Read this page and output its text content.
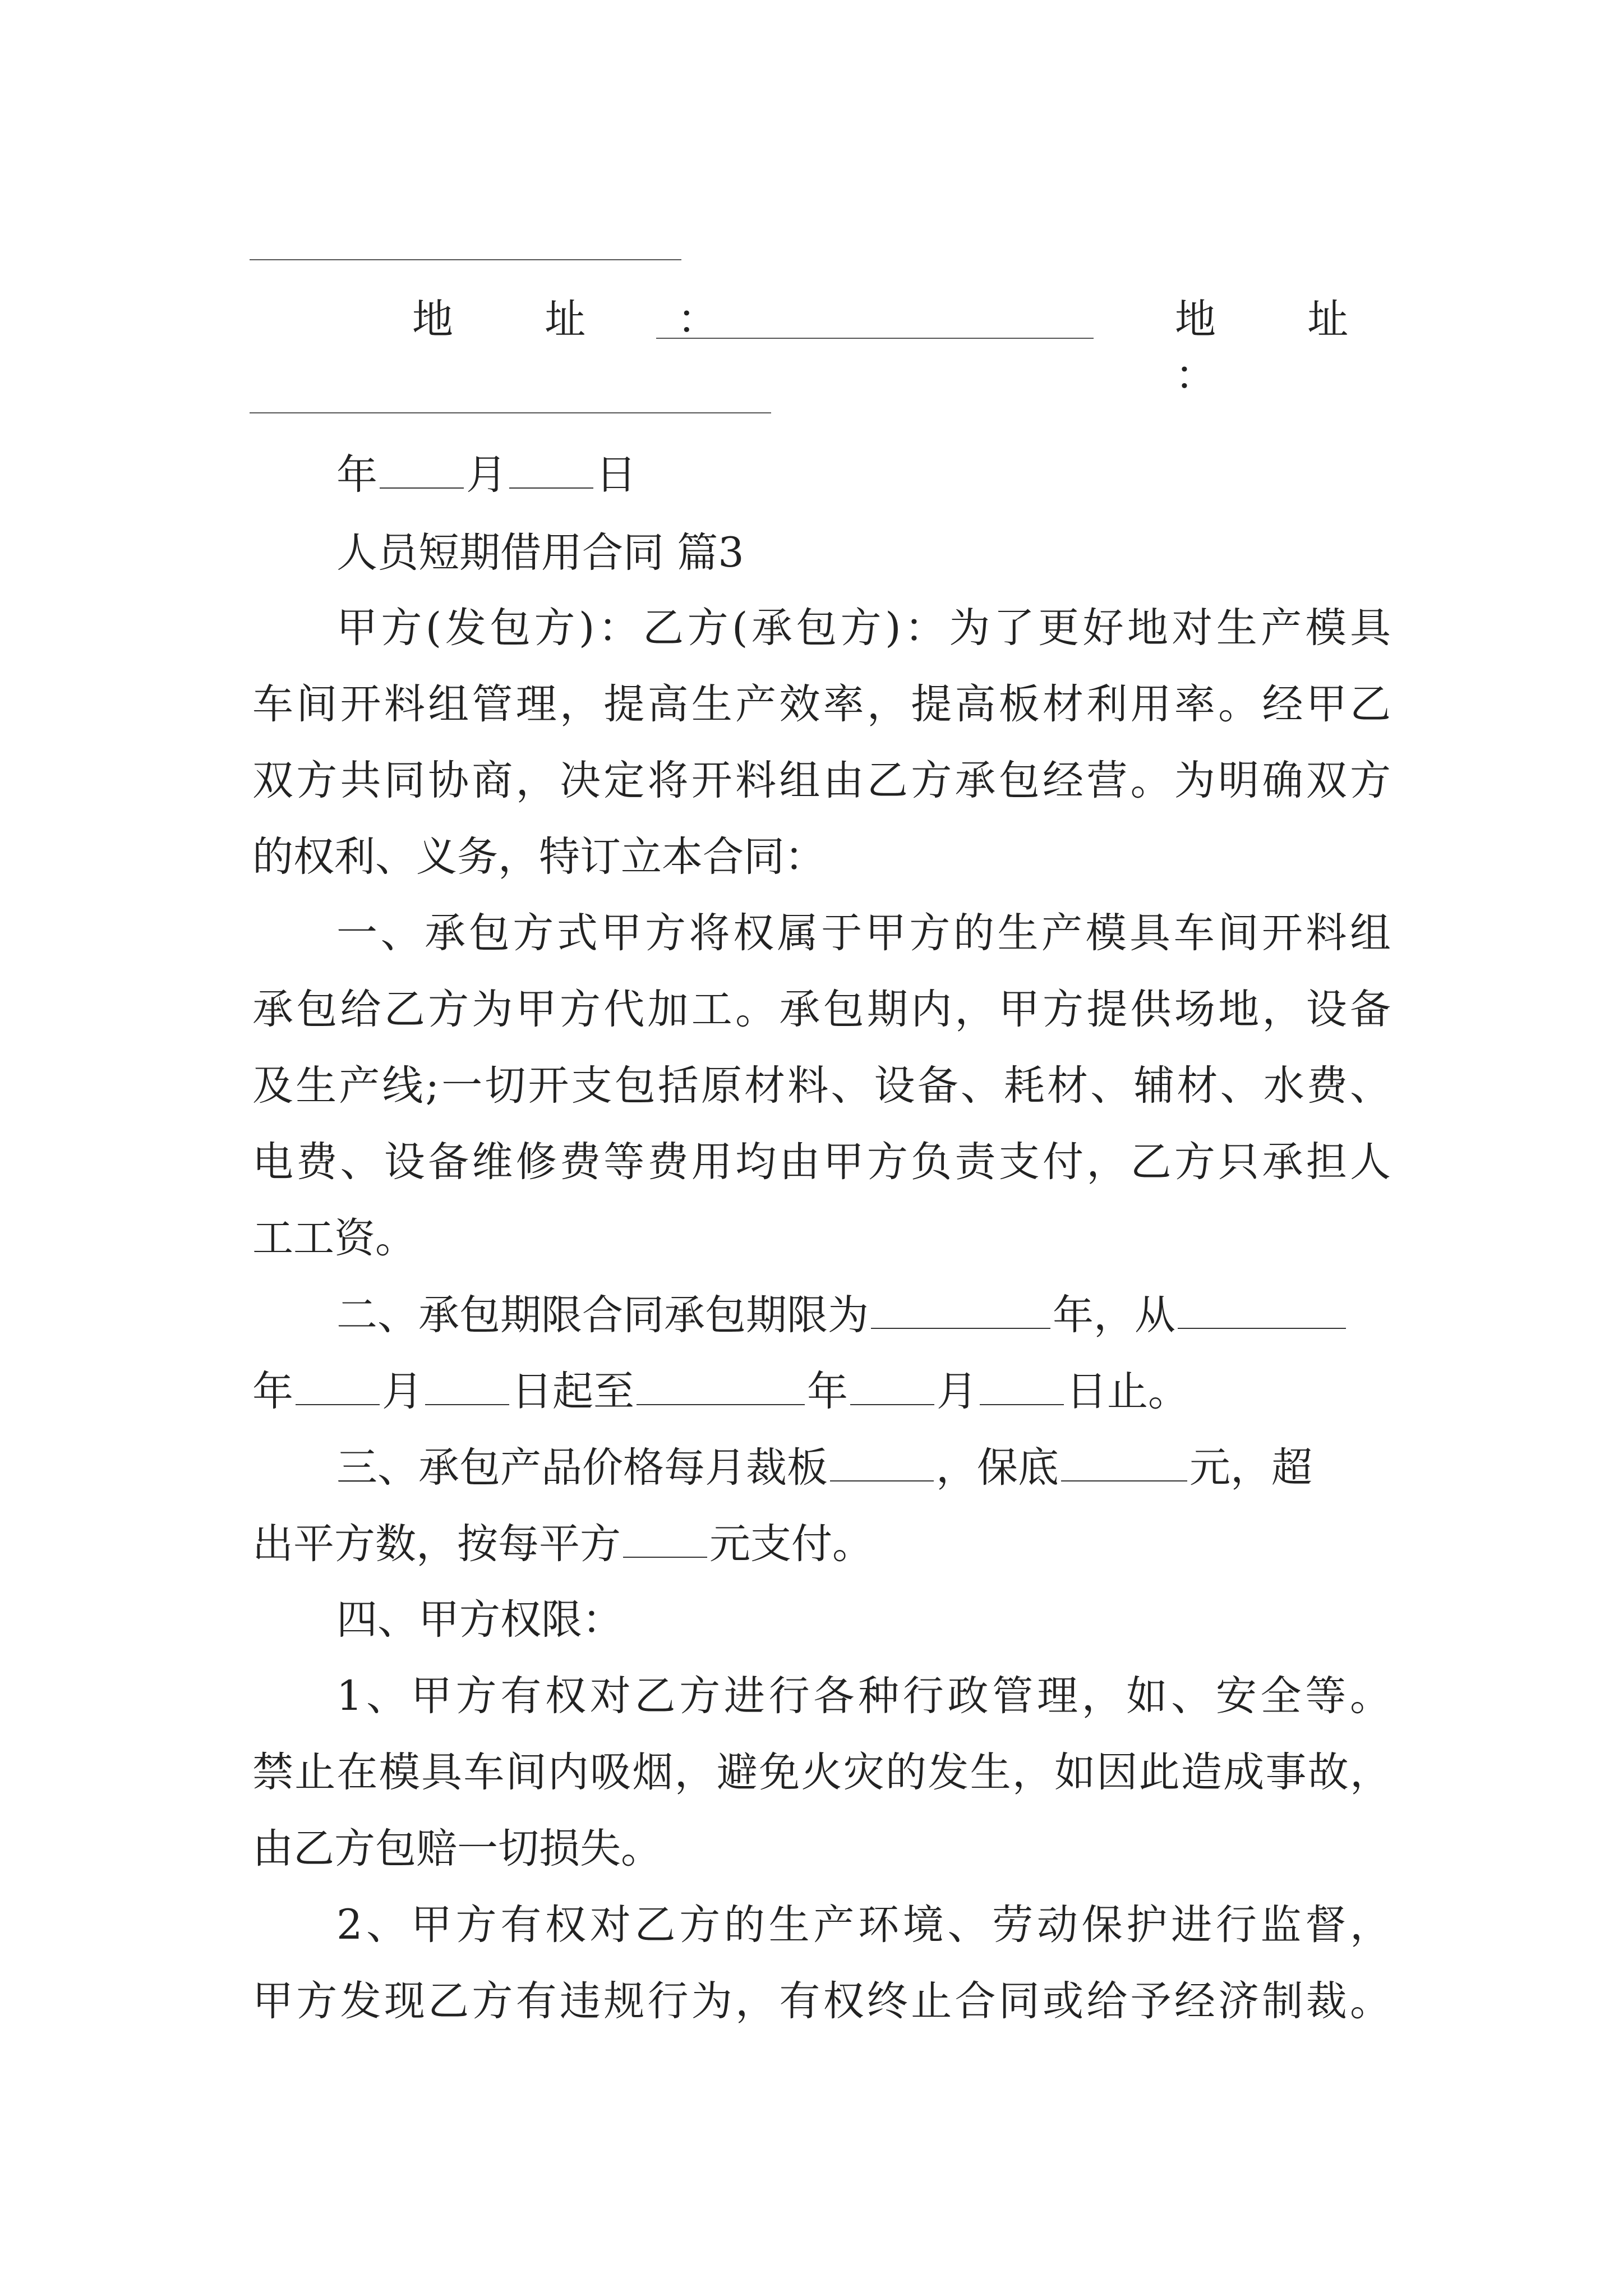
地 址 ：	地 址 ：
年 月 日
人员短期借用合同 篇3
甲方(发包方)：乙方(承包方)：为了更好地对生产模具
车间开料组管理，提高生产效率，提高板材利用率。经甲乙
双方共同协商，决定将开料组由乙方承包经营。为明确双方
的权利、义务，特订立本合同：
一、承包方式甲方将权属于甲方的生产模具车间开料组
承包给乙方为甲方代加工。承包期内，甲方提供场地，设备
及生产线;一切开支包括原材料、设备、耗材、辅材、水费、
电费、设备维修费等费用均由甲方负责支付，乙方只承担人
工工资。
二、承包期限合同承包期限为	年，从
年 月 日起至	年 月 日止。
三、承包产品价格每月裁板	，保底	元，超
出平方数，按每平方 元支付。
四、甲方权限：
1、甲方有权对乙方进行各种行政管理，如、安全等。
禁止在模具车间内吸烟，避免火灾的发生，如因此造成事故，
由乙方包赔一切损失。
2、甲方有权对乙方的生产环境、劳动保护进行监督，
甲方发现乙方有违规行为，有权终止合同或给予经济制裁。
